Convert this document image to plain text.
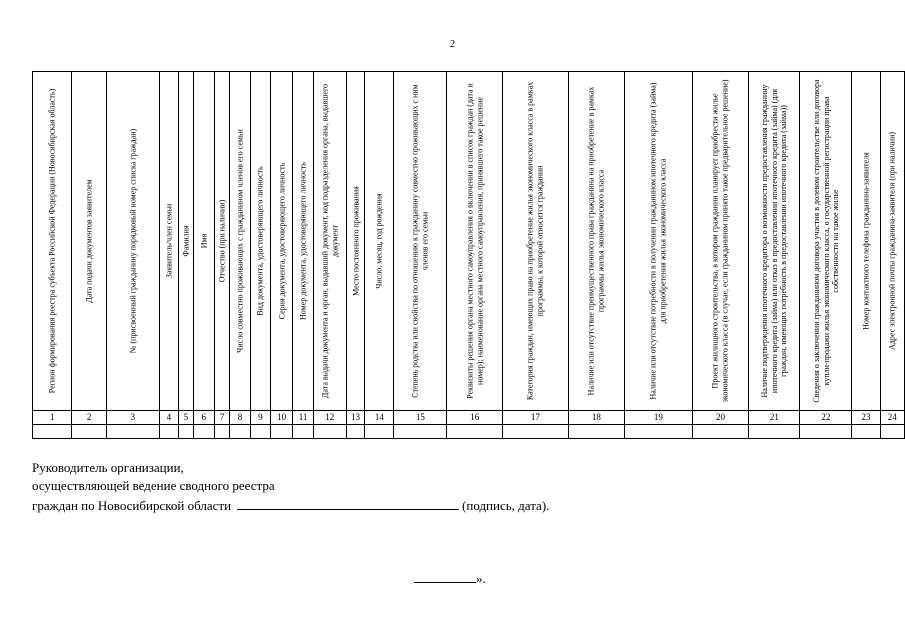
2
Регион формирования реестра субъекта Российской Федерации (Новосибирская область)	Дата подачи документов заявителем	№ (присвоенный гражданину порядковый номер списка граждан)	Заявитель/член семьи	Фамилия	Имя	Отчество (при наличии)	Число совместно проживающих с гражданином членов его семьи	Вид документа, удостоверяющего личность	Серия документа, удостоверяющего личность	Номер документа, удостоверяющего личность	Дата выдачи документа и орган, выдавший документ, код подразделения органа, выдавшего документ	Место постоянного проживания	Число, месяц, год рождения	Степень родства или свойства по отношению к гражданину совместно проживающих с ним членов его семьи	Реквизиты решения органа местного самоуправления о включении в список граждан (дата и номер); наименование органа местного самоуправления, принявшего такое решение	Категория граждан, имеющих право на приобретение жилья экономического класса в рамках программы, к которой относится гражданин	Наличие или отсутствие преимущественного права гражданина на приобретение в рамках программы жилья экономического класса	Наличие или отсутствие потребности в получении гражданином ипотечного кредита (займа) для приобретения жилья экономического класса	Проект жилищного строительства, в котором гражданин планирует приобрести жилье экономического класса (в случае, если гражданином принято такое предварительное решение)	Наличие подтверждения ипотечного кредитора о возможности предоставления гражданину ипотечного кредита (займа) или отказ в предоставлении ипотечного кредита (займа) (для граждан, имеющих потребность в предоставлении ипотечного кредита (займа))	Сведения о заключении гражданином договора участия в долевом строительстве или договора купли-продажи жилья экономического класса, о государственной регистрации права собственности на такое жилье	Номер контактного телефона гражданина-заявителя	Адрес электронной почты гражданина-заявителя (при наличии)

1	2	3	4	5	6	7	8	9	10	11	12	13	14	15	16	17	18	19	20	21	22	23	24

Руководитель организации,
осуществляющей ведение сводного реестра
граждан по Новосибирской области	(подпись, дата).
».
